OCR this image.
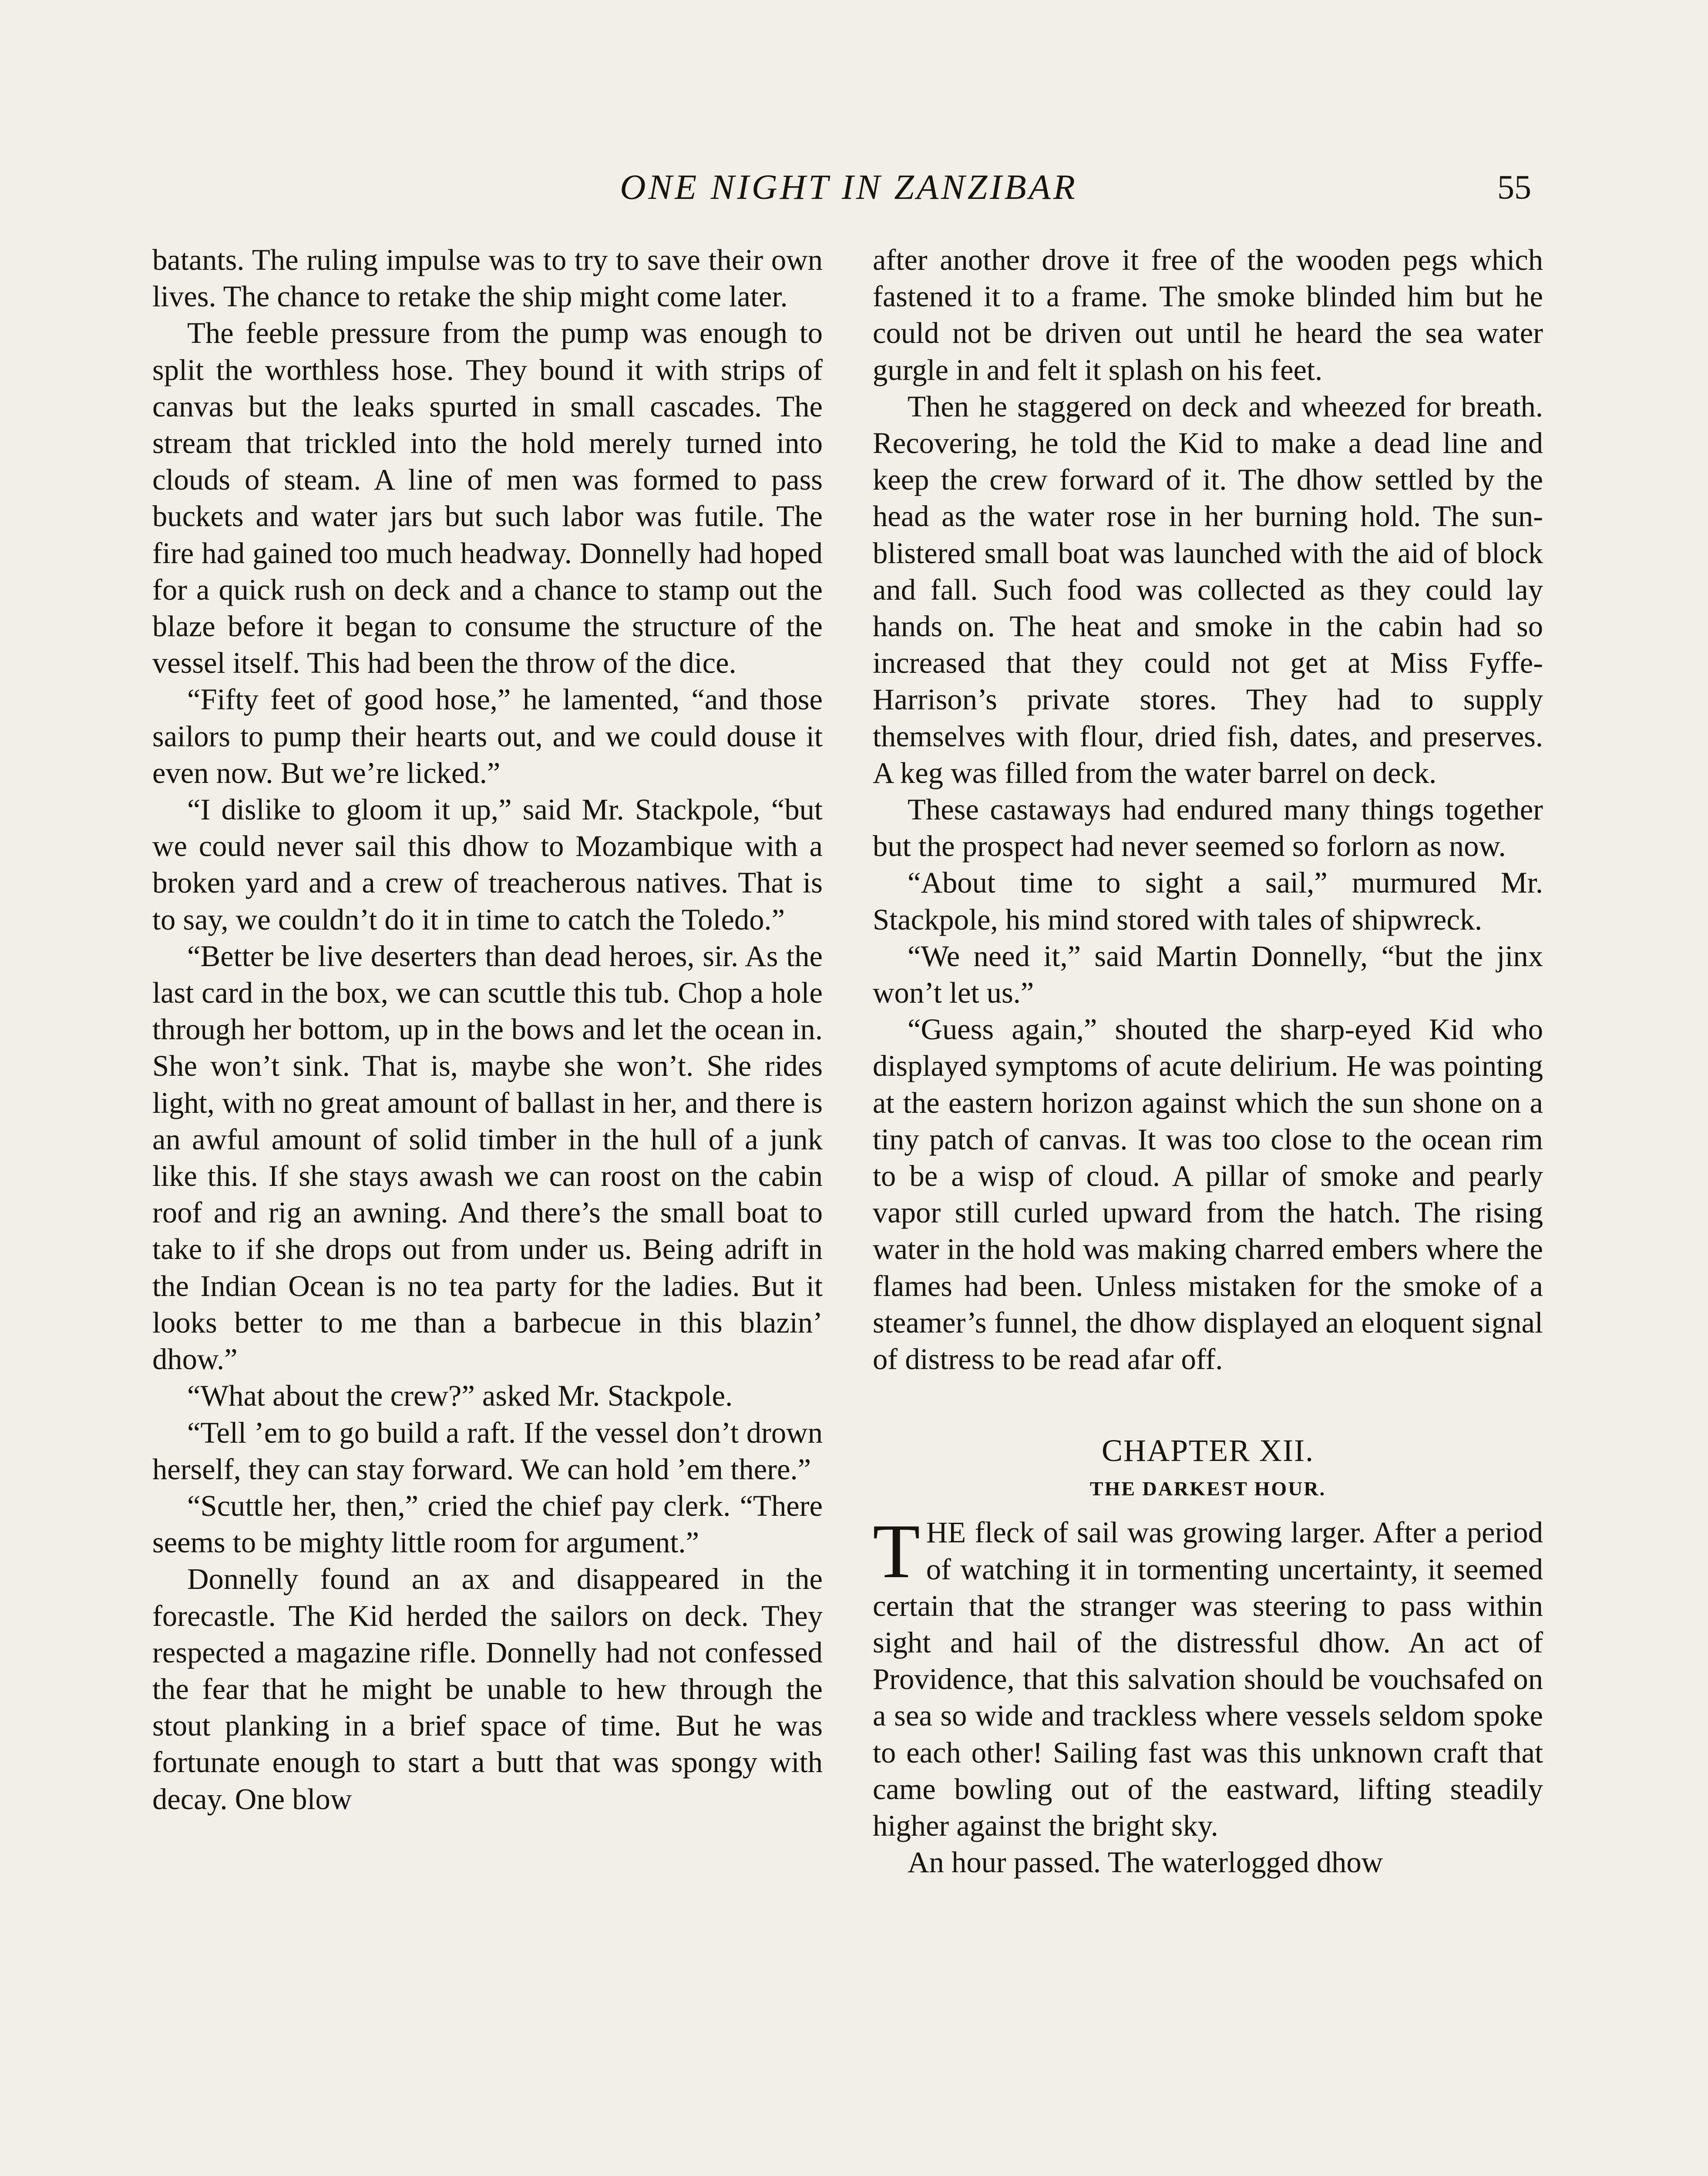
ONE NIGHT IN ZANZIBAR	55

batants. The ruling impulse was to try to save their own lives. The chance to retake the ship might come later.

The feeble pressure from the pump was enough to split the worthless hose. They bound it with strips of canvas but the leaks spurted in small cascades. The stream that trickled into the hold merely turned into clouds of steam. A line of men was formed to pass buckets and water jars but such labor was futile. The fire had gained too much headway. Donnelly had hoped for a quick rush on deck and a chance to stamp out the blaze before it began to consume the structure of the vessel itself. This had been the throw of the dice.

“Fifty feet of good hose,” he lamented, “and those sailors to pump their hearts out, and we could douse it even now. But we’re licked.”

“I dislike to gloom it up,” said Mr. Stackpole, “but we could never sail this dhow to Mozambique with a broken yard and a crew of treacherous natives. That is to say, we couldn’t do it in time to catch the Toledo.”

“Better be live deserters than dead heroes, sir. As the last card in the box, we can scuttle this tub. Chop a hole through her bottom, up in the bows and let the ocean in. She won’t sink. That is, maybe she won’t. She rides light, with no great amount of ballast in her, and there is an awful amount of solid timber in the hull of a junk like this. If she stays awash we can roost on the cabin roof and rig an awning. And there’s the small boat to take to if she drops out from under us. Being adrift in the Indian Ocean is no tea party for the ladies. But it looks better to me than a barbecue in this blazin’ dhow.”

“What about the crew?” asked Mr. Stackpole.

“Tell ’em to go build a raft. If the vessel don’t drown herself, they can stay forward. We can hold ’em there.”

“Scuttle her, then,” cried the chief pay clerk. “There seems to be mighty little room for argument.”

Donnelly found an ax and disappeared in the forecastle. The Kid herded the sailors on deck. They respected a magazine rifle. Donnelly had not confessed the fear that he might be unable to hew through the stout planking in a brief space of time. But he was fortunate enough to start a butt that was spongy with decay. One blow

after another drove it free of the wooden pegs which fastened it to a frame. The smoke blinded him but he could not be driven out until he heard the sea water gurgle in and felt it splash on his feet.

Then he staggered on deck and wheezed for breath. Recovering, he told the Kid to make a dead line and keep the crew forward of it. The dhow settled by the head as the water rose in her burning hold. The sun-blistered small boat was launched with the aid of block and fall. Such food was collected as they could lay hands on. The heat and smoke in the cabin had so increased that they could not get at Miss Fyffe-Harrison’s private stores. They had to supply themselves with flour, dried fish, dates, and preserves. A keg was filled from the water barrel on deck.

These castaways had endured many things together but the prospect had never seemed so forlorn as now.

“About time to sight a sail,” murmured Mr. Stackpole, his mind stored with tales of shipwreck.

“We need it,” said Martin Donnelly, “but the jinx won’t let us.”

“Guess again,” shouted the sharp-eyed Kid who displayed symptoms of acute delirium. He was pointing at the eastern horizon against which the sun shone on a tiny patch of canvas. It was too close to the ocean rim to be a wisp of cloud. A pillar of smoke and pearly vapor still curled upward from the hatch. The rising water in the hold was making charred embers where the flames had been. Unless mistaken for the smoke of a steamer’s funnel, the dhow displayed an eloquent signal of distress to be read afar off.

CHAPTER XII.
THE DARKEST HOUR.

THE fleck of sail was growing larger. After a period of watching it in tormenting uncertainty, it seemed certain that the stranger was steering to pass within sight and hail of the distressful dhow. An act of Providence, that this salvation should be vouchsafed on a sea so wide and trackless where vessels seldom spoke to each other! Sailing fast was this unknown craft that came bowling out of the eastward, lifting steadily higher against the bright sky.

An hour passed. The waterlogged dhow
